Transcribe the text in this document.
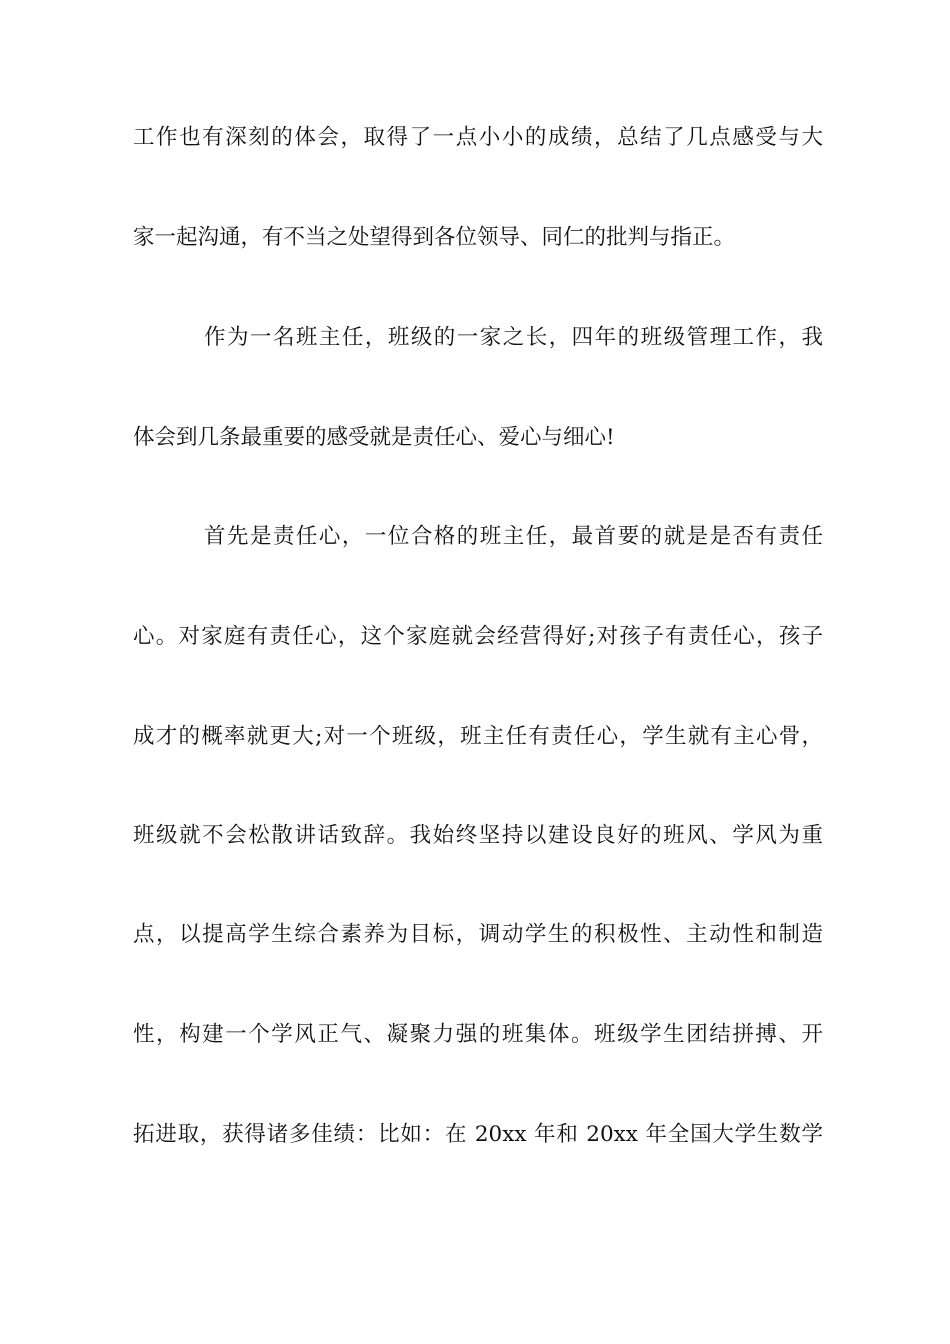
工作也有深刻的体会，取得了一点小小的成绩，总结了几点感受与大
家一起沟通，有不当之处望得到各位领导、同仁的批判与指正。
作为一名班主任，班级的一家之长，四年的班级管理工作，我
体会到几条最重要的感受就是责任心、爱心与细心!
首先是责任心，一位合格的班主任，最首要的就是是否有责任
心。对家庭有责任心，这个家庭就会经营得好;对孩子有责任心，孩子
成才的概率就更大;对一个班级，班主任有责任心，学生就有主心骨，
班级就不会松散讲话致辞。我始终坚持以建设良好的班风、学风为重
点，以提高学生综合素养为目标，调动学生的积极性、主动性和制造
性，构建一个学风正气、凝聚力强的班集体。班级学生团结拼搏、开
拓进取，获得诸多佳绩：比如：在 20xx 年和 20xx 年全国大学生数学
